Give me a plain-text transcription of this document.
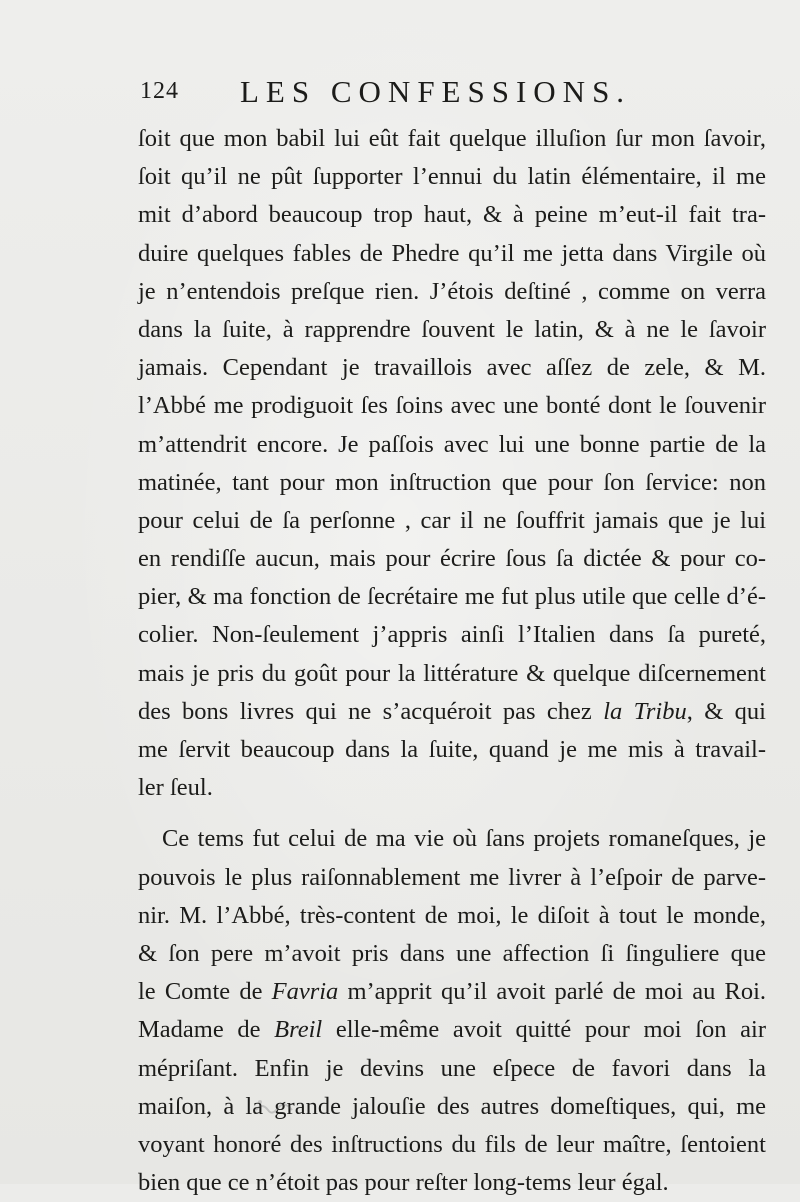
124 LES CONFESSIONS.
ſoit que mon babil lui eût fait quelque illuſion ſur mon ſavoir,
ſoit qu’il ne pût ſupporter l’ennui du latin élémentaire, il me
mit d’abord beaucoup trop haut, & à peine m’eut-il fait tra-
duire quelques fables de Phedre qu’il me jetta dans Virgile où
je n’entendois preſque rien. J’étois deſtiné , comme on verra
dans la ſuite, à rapprendre ſouvent le latin, & à ne le ſavoir
jamais. Cependant je travaillois avec aſſez de zele, & M.
l’Abbé me prodiguoit ſes ſoins avec une bonté dont le ſouvenir
m’attendrit encore. Je paſſois avec lui une bonne partie de la
matinée, tant pour mon inſtruction que pour ſon ſervice: non
pour celui de ſa perſonne , car il ne ſouffrit jamais que je lui
en rendiſſe aucun, mais pour écrire ſous ſa dictée & pour co-
pier, & ma fonction de ſecrétaire me fut plus utile que celle d’é-
colier. Non-ſeulement j’appris ainſi l’Italien dans ſa pureté,
mais je pris du goût pour la littérature & quelque diſcernement
des bons livres qui ne s’acquéroit pas chez la Tribu, & qui
me ſervit beaucoup dans la ſuite, quand je me mis à travail-
ler ſeul.
Ce tems fut celui de ma vie où ſans projets romaneſques, je
pouvois le plus raiſonnablement me livrer à l’eſpoir de parve-
nir. M. l’Abbé, très-content de moi, le diſoit à tout le monde,
& ſon pere m’avoit pris dans une affection ſi ſinguliere que
le Comte de Favria m’apprit qu’il avoit parlé de moi au Roi.
Madame de Breil elle-même avoit quitté pour moi ſon air
mépriſant. Enfin je devins une eſpece de favori dans la
maiſon, à la grande jalouſie des autres domeſtiques, qui, me
voyant honoré des inſtructions du fils de leur maître, ſentoient
bien que ce n’étoit pas pour reſter long-tems leur égal.
